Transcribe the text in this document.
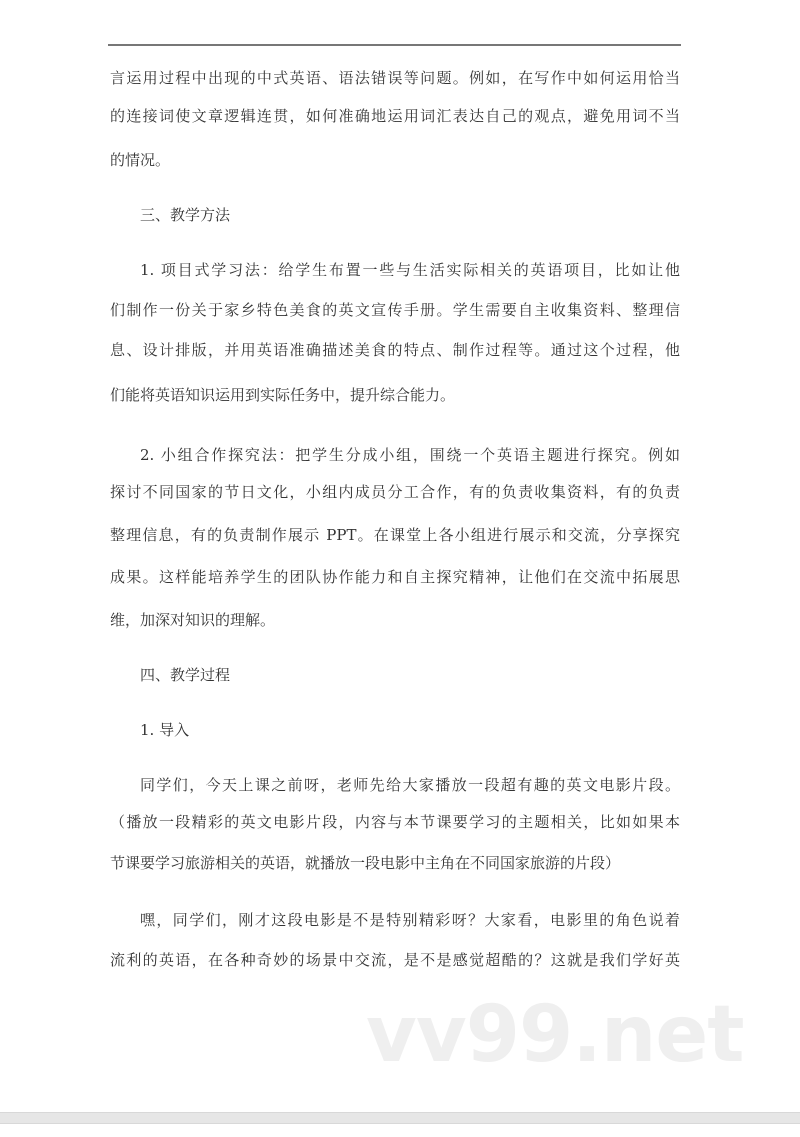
言运用过程中出现的中式英语、语法错误等问题。例如，在写作中如何运用恰当
的连接词使文章逻辑连贯，如何准确地运用词汇表达自己的观点，避免用词不当
的情况。
三、教学方法
1. 项目式学习法：给学生布置一些与生活实际相关的英语项目，比如让他
们制作一份关于家乡特色美食的英文宣传手册。学生需要自主收集资料、整理信
息、设计排版，并用英语准确描述美食的特点、制作过程等。通过这个过程，他
们能将英语知识运用到实际任务中，提升综合能力。
2. 小组合作探究法：把学生分成小组，围绕一个英语主题进行探究。例如
探讨不同国家的节日文化，小组内成员分工合作，有的负责收集资料，有的负责
整理信息，有的负责制作展示 PPT。在课堂上各小组进行展示和交流，分享探究
成果。这样能培养学生的团队协作能力和自主探究精神，让他们在交流中拓展思
维，加深对知识的理解。
四、教学过程
1. 导入
同学们，今天上课之前呀，老师先给大家播放一段超有趣的英文电影片段。
（播放一段精彩的英文电影片段，内容与本节课要学习的主题相关，比如如果本
节课要学习旅游相关的英语，就播放一段电影中主角在不同国家旅游的片段）
嘿，同学们，刚才这段电影是不是特别精彩呀？大家看，电影里的角色说着
流利的英语，在各种奇妙的场景中交流，是不是感觉超酷的？这就是我们学好英
vv99.net
